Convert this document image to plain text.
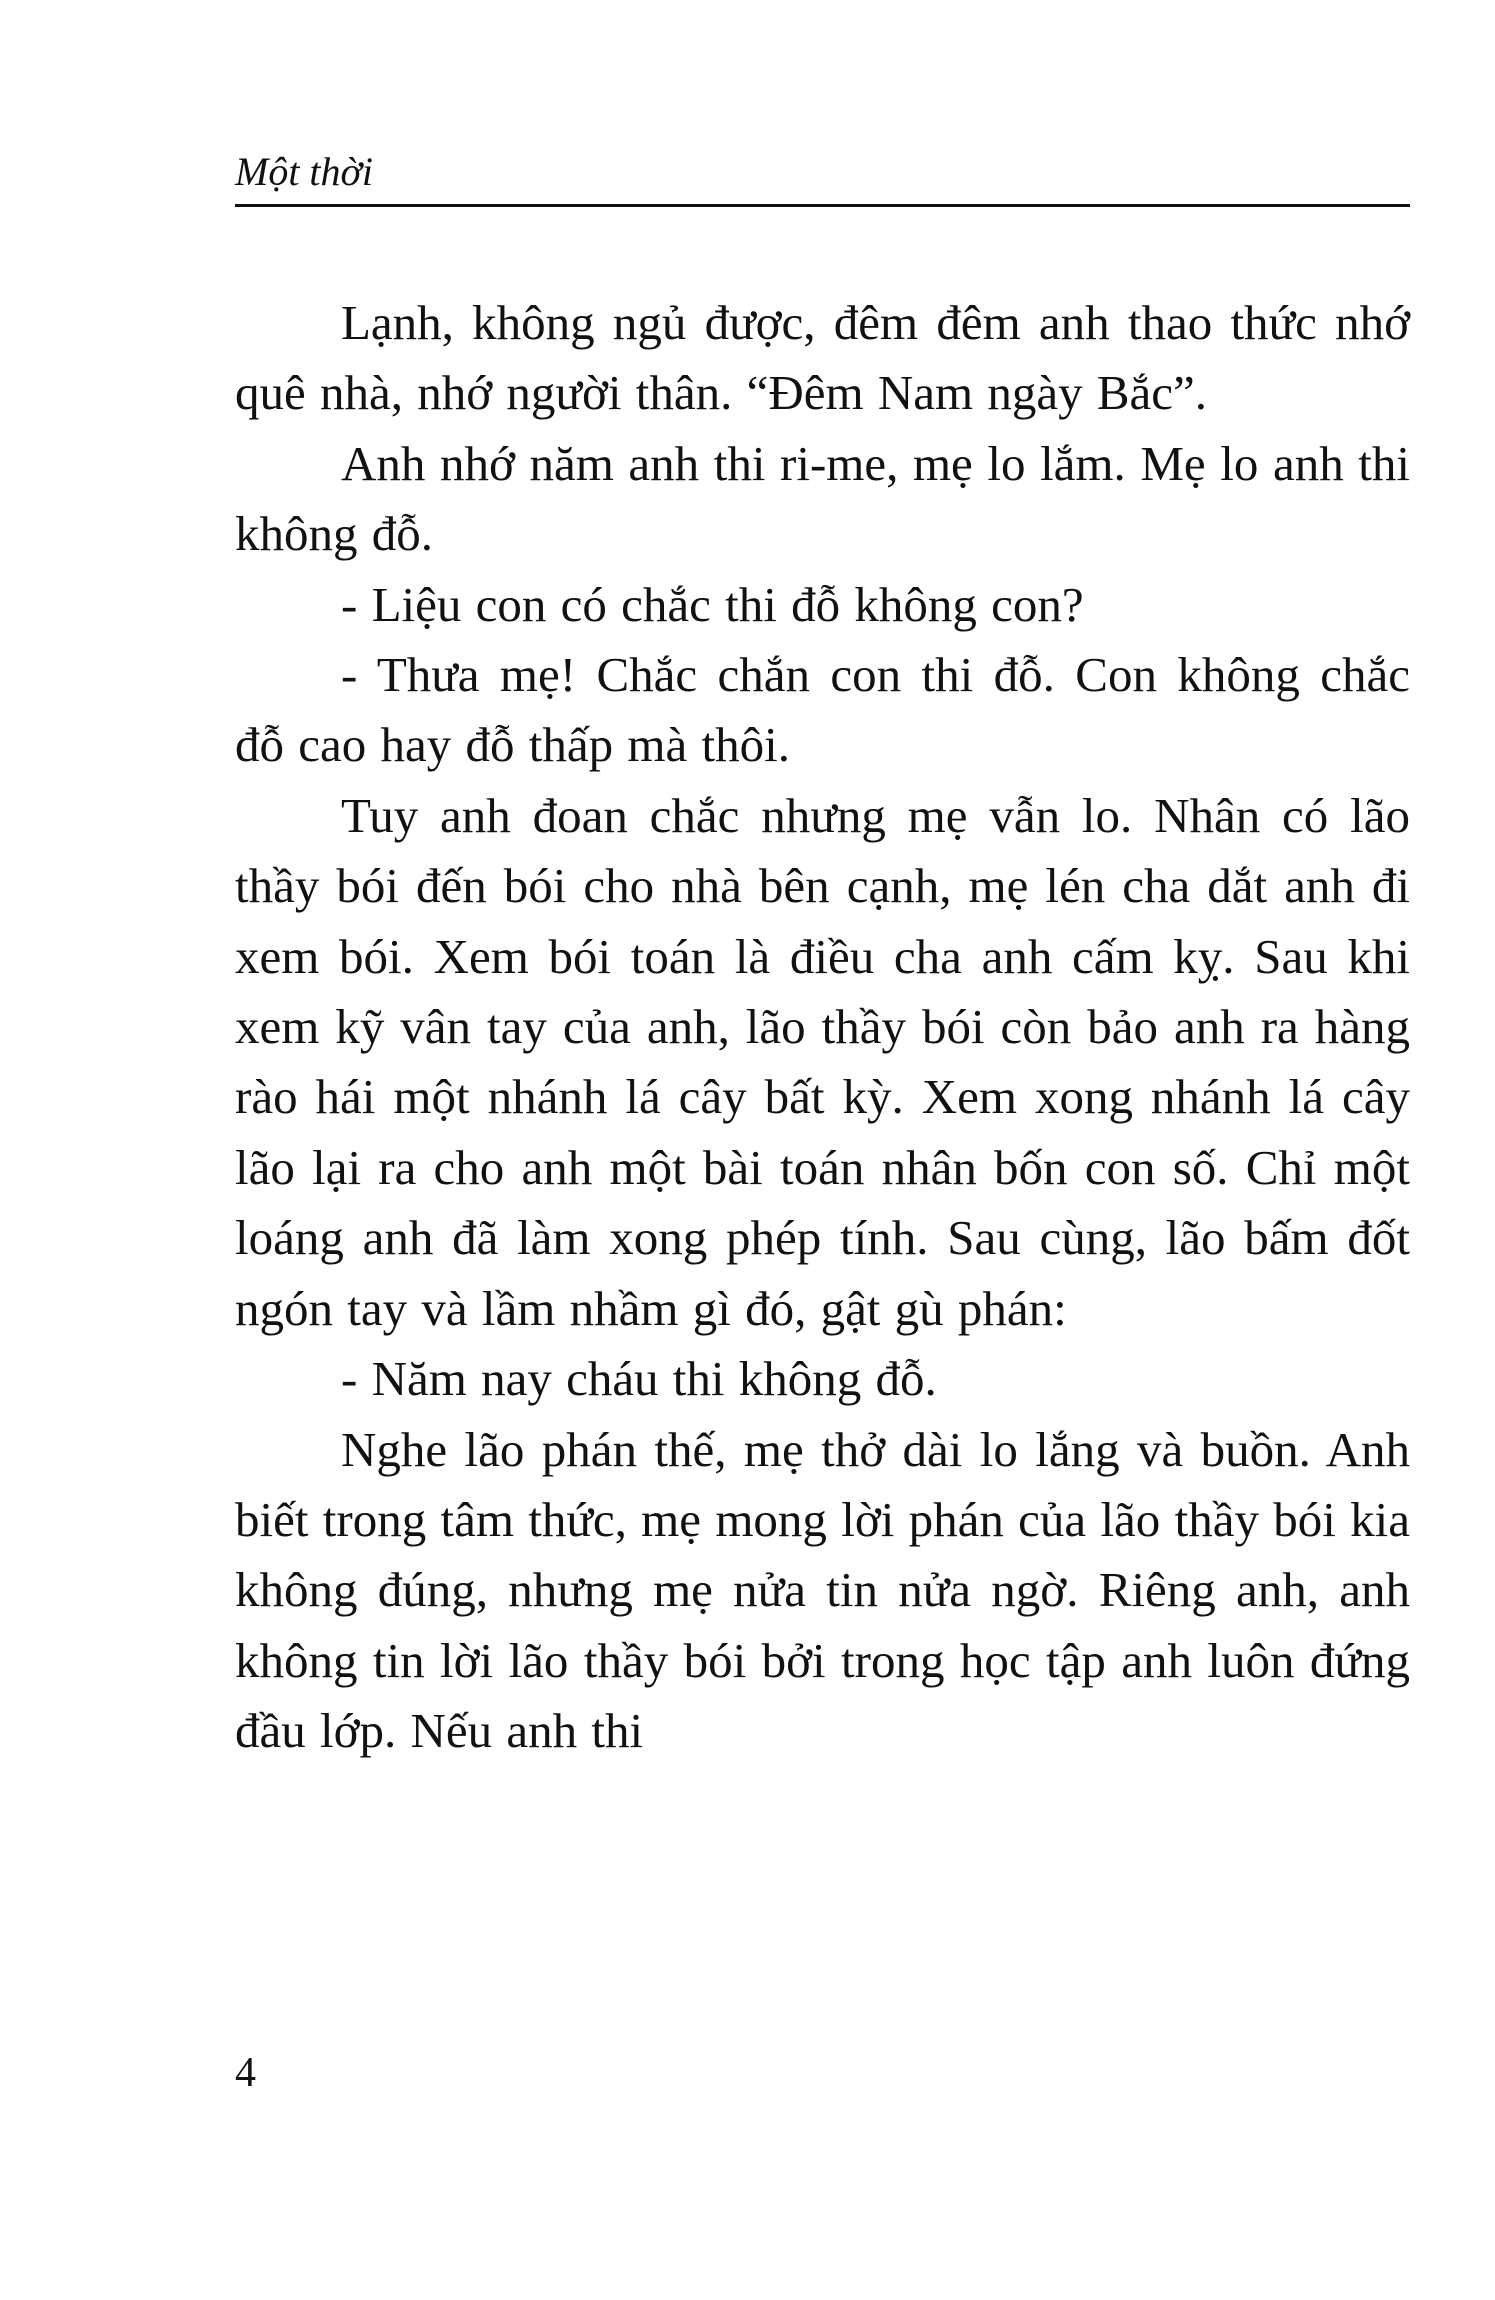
Một thời

Lạnh, không ngủ được, đêm đêm anh thao thức nhớ quê nhà, nhớ người thân. “Đêm Nam ngày Bắc”.

Anh nhớ năm anh thi ri-me, mẹ lo lắm. Mẹ lo anh thi không đỗ.

- Liệu con có chắc thi đỗ không con?

- Thưa mẹ! Chắc chắn con thi đỗ. Con không chắc đỗ cao hay đỗ thấp mà thôi.

Tuy anh đoan chắc nhưng mẹ vẫn lo. Nhân có lão thầy bói đến bói cho nhà bên cạnh, mẹ lén cha dắt anh đi xem bói. Xem bói toán là điều cha anh cấm kỵ. Sau khi xem kỹ vân tay của anh, lão thầy bói còn bảo anh ra hàng rào hái một nhánh lá cây bất kỳ. Xem xong nhánh lá cây lão lại ra cho anh một bài toán nhân bốn con số. Chỉ một loáng anh đã làm xong phép tính. Sau cùng, lão bấm đốt ngón tay và lầm nhầm gì đó, gật gù phán:

- Năm nay cháu thi không đỗ.

Nghe lão phán thế, mẹ thở dài lo lắng và buồn. Anh biết trong tâm thức, mẹ mong lời phán của lão thầy bói kia không đúng, nhưng mẹ nửa tin nửa ngờ. Riêng anh, anh không tin lời lão thầy bói bởi trong học tập anh luôn đứng đầu lớp. Nếu anh thi

4
